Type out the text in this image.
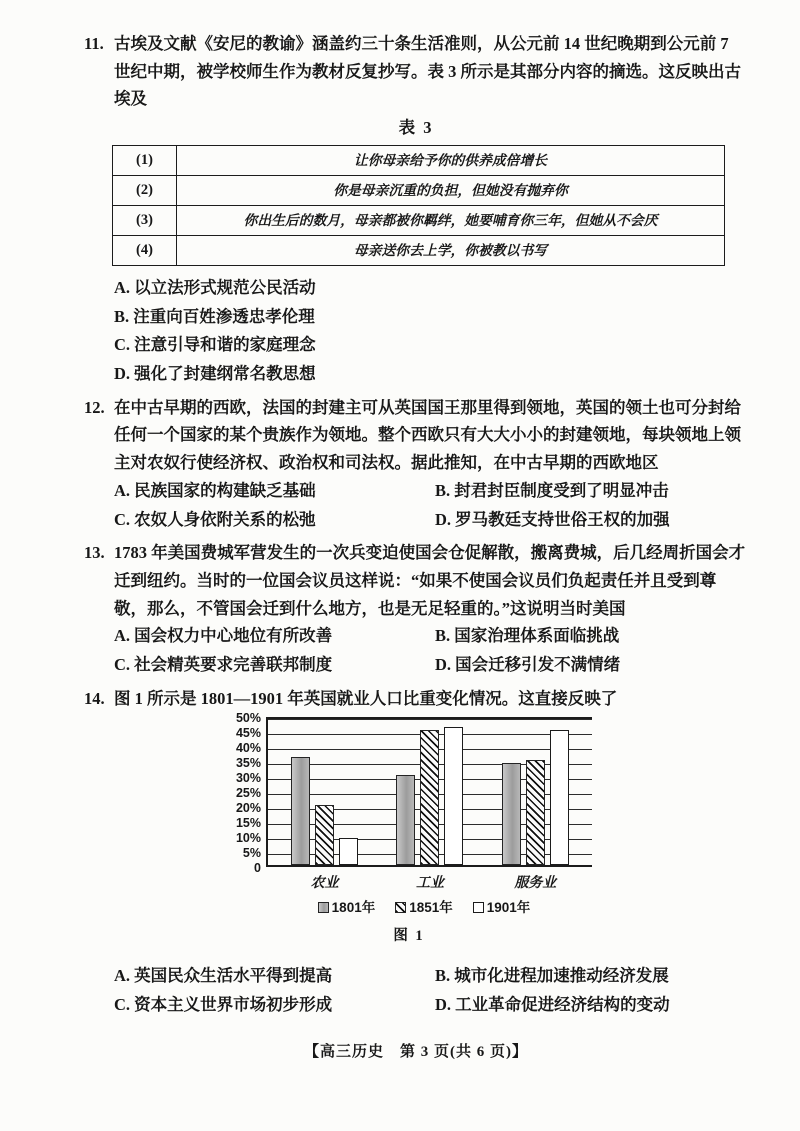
11. 古埃及文献《安尼的教谕》涵盖约三十条生活准则，从公元前 14 世纪晚期到公元前 7 世纪中期，被学校师生作为教材反复抄写。表 3 所示是其部分内容的摘选。这反映出古埃及
表 3
(1)	让你母亲给予你的供养成倍增长
(2)	你是母亲沉重的负担，但她没有抛弃你
(3)	你出生后的数月，母亲都被你羁绊，她要哺育你三年，但她从不会厌
(4)	母亲送你去上学，你被教以书写
A. 以立法形式规范公民活动
B. 注重向百姓渗透忠孝伦理
C. 注意引导和谐的家庭理念
D. 强化了封建纲常名教思想
12. 在中古早期的西欧，法国的封建主可从英国国王那里得到领地，英国的领土也可分封给任何一个国家的某个贵族作为领地。整个西欧只有大大小小的封建领地，每块领地上领主对农奴行使经济权、政治权和司法权。据此推知，在中古早期的西欧地区
A. 民族国家的构建缺乏基础	B. 封君封臣制度受到了明显冲击
C. 农奴人身依附关系的松弛	D. 罗马教廷支持世俗王权的加强
13. 1783 年美国费城军营发生的一次兵变迫使国会仓促解散，搬离费城，后几经周折国会才迁到纽约。当时的一位国会议员这样说：“如果不使国会议员们负起责任并且受到尊敬，那么，不管国会迁到什么地方，也是无足轻重的。”这说明当时美国
A. 国会权力中心地位有所改善	B. 国家治理体系面临挑战
C. 社会精英要求完善联邦制度	D. 国会迁移引发不满情绪
14. 图 1 所示是 1801—1901 年英国就业人口比重变化情况。这直接反映了
50%
45%
40%
35%
30%
25%
20%
15%
10%
5%
0
农业	工业	服务业
1801年	1851年	1901年
图 1
A. 英国民众生活水平得到提高	B. 城市化进程加速推动经济发展
C. 资本主义世界市场初步形成	D. 工业革命促进经济结构的变动
【高三历史　第 3 页(共 6 页)】
